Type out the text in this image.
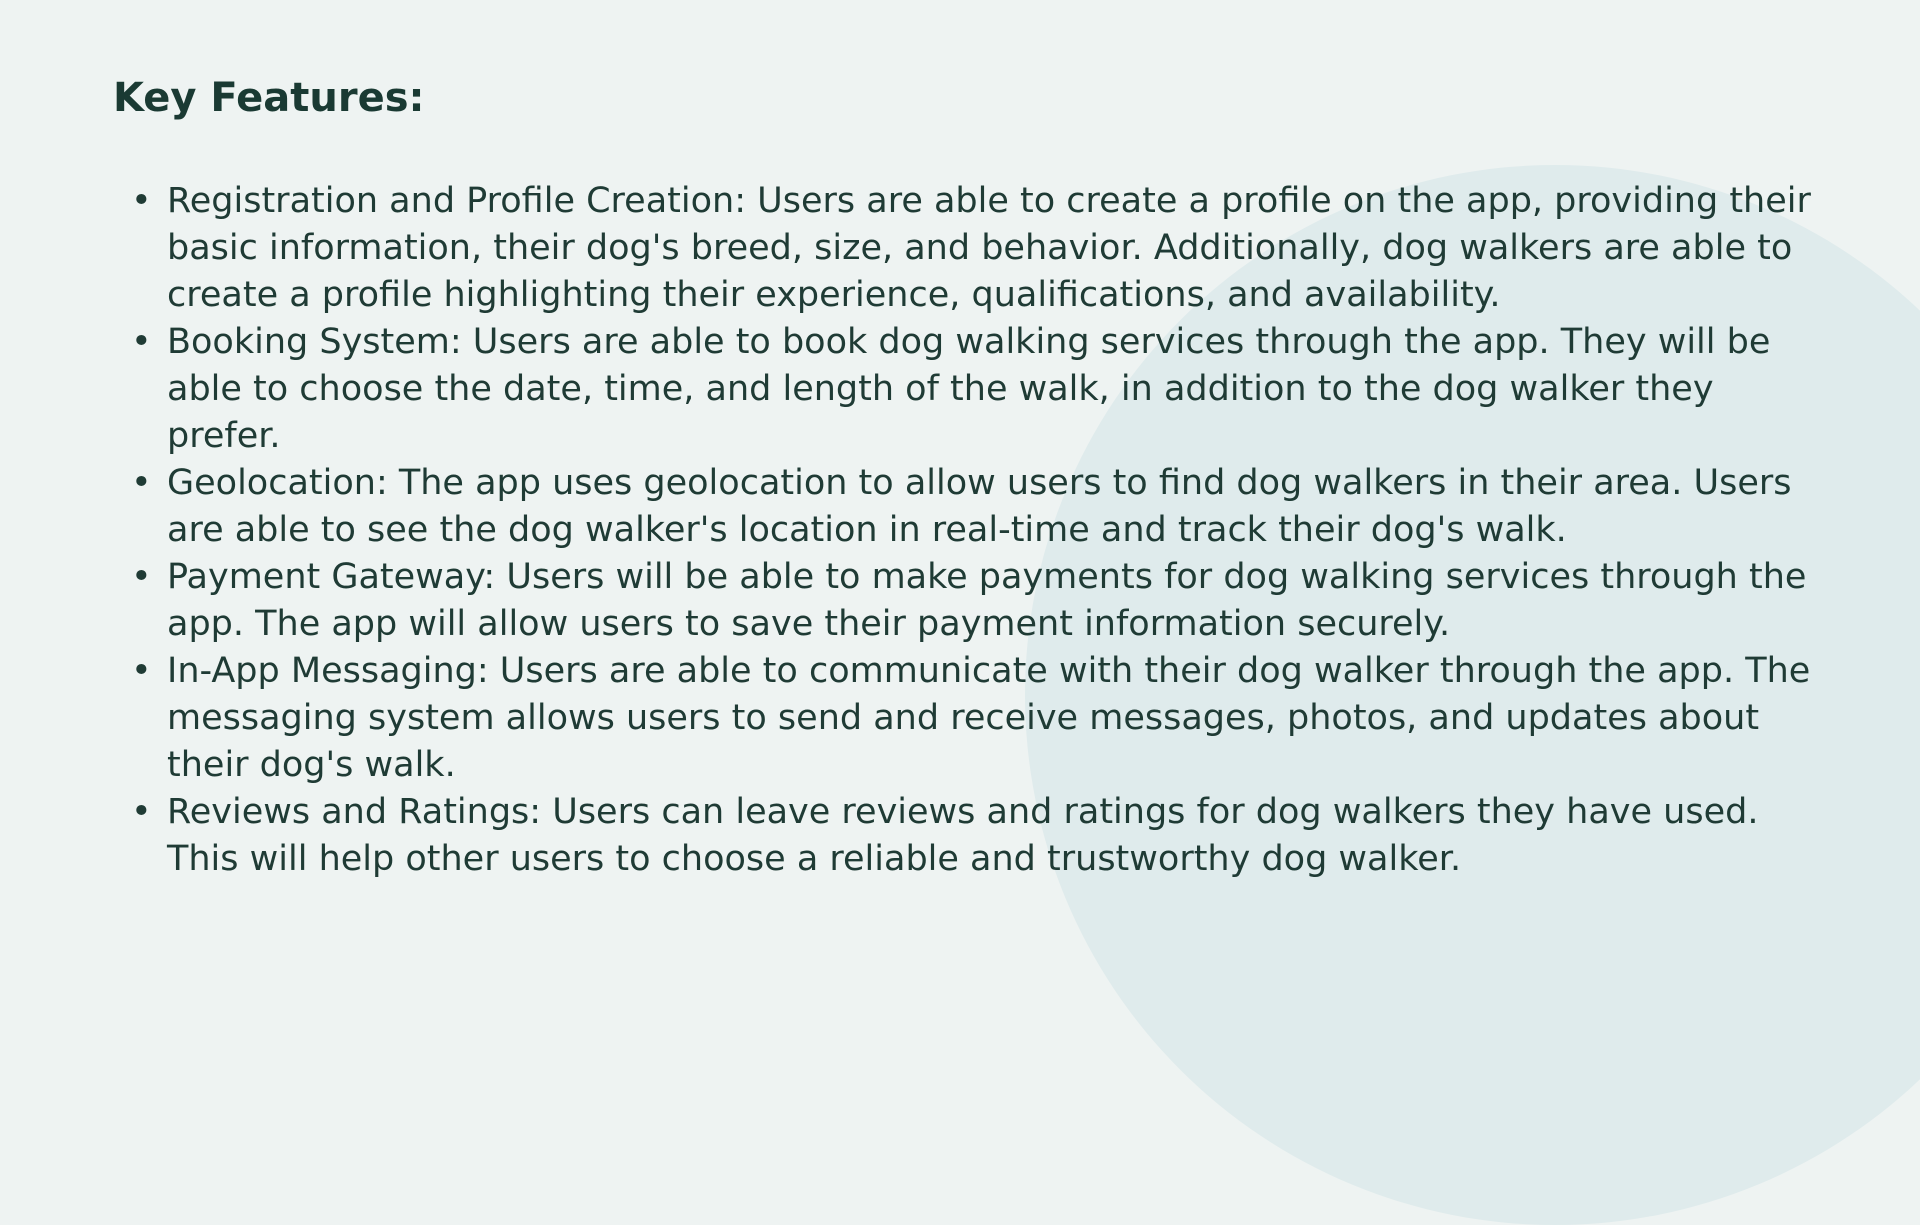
Key Features:
• Registration and Profile Creation: Users are able to create a profile on the app, providing their
basic information, their dog's breed, size, and behavior. Additionally, dog walkers are able to
create a profile highlighting their experience, qualifications, and availability.
• Booking System: Users are able to book dog walking services through the app. They will be
able to choose the date, time, and length of the walk, in addition to the dog walker they
prefer.
• Geolocation: The app uses geolocation to allow users to find dog walkers in their area. Users
are able to see the dog walker's location in real-time and track their dog's walk.
• Payment Gateway: Users will be able to make payments for dog walking services through the
app. The app will allow users to save their payment information securely.
• In-App Messaging: Users are able to communicate with their dog walker through the app. The
messaging system allows users to send and receive messages, photos, and updates about
their dog's walk.
• Reviews and Ratings: Users can leave reviews and ratings for dog walkers they have used.
This will help other users to choose a reliable and trustworthy dog walker.
